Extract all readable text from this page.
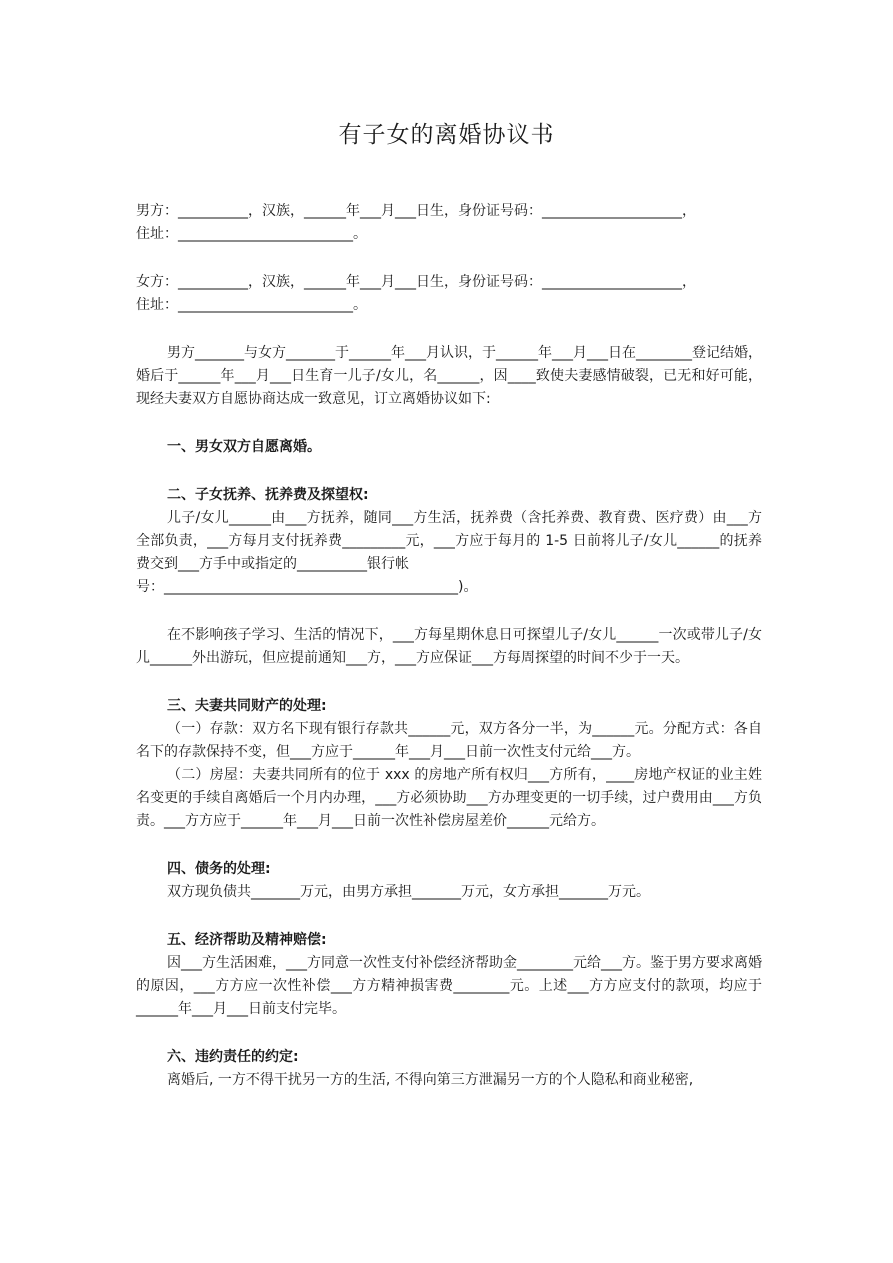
有子女的离婚协议书

男方：__________，汉族，______年___月___日生，身份证号码：____________________，

住址：_________________________。

女方：__________，汉族，______年___月___日生，身份证号码：____________________，

住址：_________________________。

男方_______与女方_______于______年___月认识，于______年___月___日在________登记结婚，婚后于______年___月___日生育一儿子/女儿，名______，因____致使夫妻感情破裂，已无和好可能，现经夫妻双方自愿协商达成一致意见，订立离婚协议如下:

一、男女双方自愿离婚。

二、子女抚养、抚养费及探望权:

儿子/女儿______由___方抚养，随同___方生活，抚养费（含托养费、教育费、医疗费）由___方全部负责，___方每月支付抚养费_________元，___方应于每月的 1-5 日前将儿子/女儿______的抚养费交到___方手中或指定的__________银行帐

号：__________________________________________)。

在不影响孩子学习、生活的情况下，___方每星期休息日可探望儿子/女儿______一次或带儿子/女儿______外出游玩，但应提前通知___方，___方应保证___方每周探望的时间不少于一天。

三、夫妻共同财产的处理:

（一）存款：双方名下现有银行存款共______元，双方各分一半，为______元。分配方式：各自名下的存款保持不变，但___方应于______年___月___日前一次性支付元给___方。

（二）房屋：夫妻共同所有的位于 xxx 的房地产所有权归___方所有，____房地产权证的业主姓名变更的手续自离婚后一个月内办理，___方必须协助___方办理变更的一切手续，过户费用由___方负责。___方方应于______年___月___日前一次性补偿房屋差价______元给方。

四、债务的处理:

双方现负债共_______万元，由男方承担_______万元，女方承担_______万元。

五、经济帮助及精神赔偿:

因___方生活困难，___方同意一次性支付补偿经济帮助金________元给___方。鉴于男方要求离婚的原因，___方方应一次性补偿___方方精神损害费________元。上述___方方应支付的款项，均应于______年___月___日前支付完毕。

六、违约责任的约定:

离婚后, 一方不得干扰另一方的生活, 不得向第三方泄漏另一方的个人隐私和商业秘密,
